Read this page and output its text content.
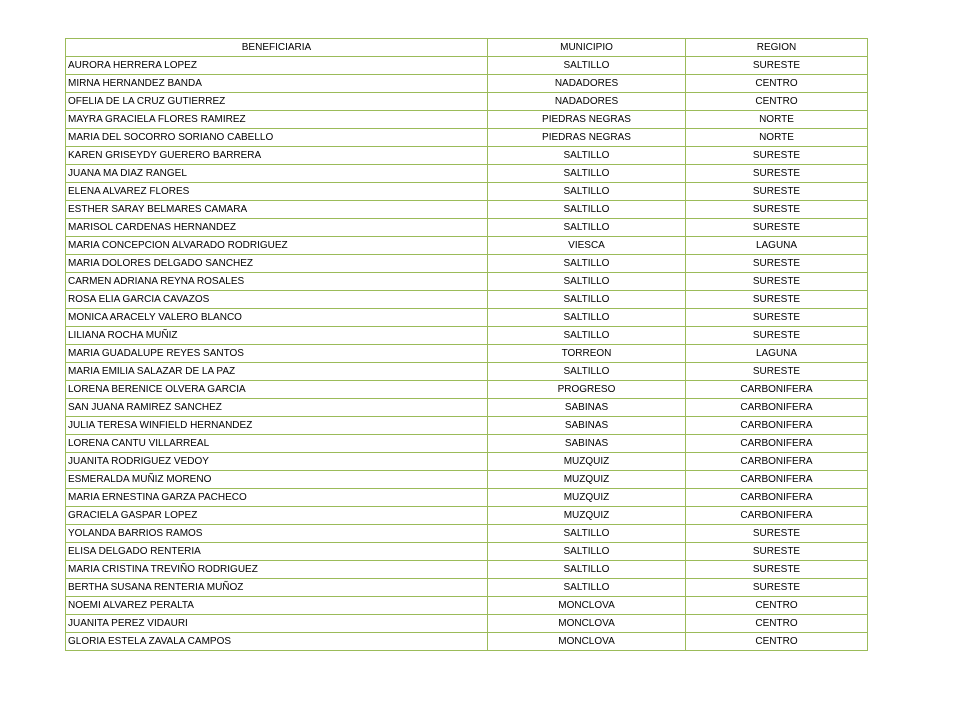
BENEFICIARIA	MUNICIPIO	REGION
AURORA HERRERA LOPEZ	SALTILLO	SURESTE
MIRNA HERNANDEZ BANDA	NADADORES	CENTRO
OFELIA DE LA CRUZ GUTIERREZ	NADADORES	CENTRO
MAYRA GRACIELA FLORES RAMIREZ	PIEDRAS NEGRAS	NORTE
MARIA DEL SOCORRO SORIANO CABELLO	PIEDRAS NEGRAS	NORTE
KAREN GRISEYDY GUERERO BARRERA	SALTILLO	SURESTE
JUANA MA DIAZ RANGEL	SALTILLO	SURESTE
ELENA ALVAREZ FLORES	SALTILLO	SURESTE
ESTHER SARAY BELMARES CAMARA	SALTILLO	SURESTE
MARISOL CARDENAS HERNANDEZ	SALTILLO	SURESTE
MARIA CONCEPCION ALVARADO RODRIGUEZ	VIESCA	LAGUNA
MARIA DOLORES DELGADO SANCHEZ	SALTILLO	SURESTE
CARMEN ADRIANA REYNA ROSALES	SALTILLO	SURESTE
ROSA ELIA GARCIA CAVAZOS	SALTILLO	SURESTE
MONICA ARACELY VALERO BLANCO	SALTILLO	SURESTE
LILIANA ROCHA MUÑIZ	SALTILLO	SURESTE
MARIA GUADALUPE REYES SANTOS	TORREON	LAGUNA
MARIA EMILIA SALAZAR DE LA PAZ	SALTILLO	SURESTE
LORENA BERENICE OLVERA GARCIA	PROGRESO	CARBONIFERA
SAN JUANA RAMIREZ SANCHEZ	SABINAS	CARBONIFERA
JULIA TERESA WINFIELD HERNANDEZ	SABINAS	CARBONIFERA
LORENA CANTU VILLARREAL	SABINAS	CARBONIFERA
JUANITA RODRIGUEZ VEDOY	MUZQUIZ	CARBONIFERA
ESMERALDA MUÑIZ MORENO	MUZQUIZ	CARBONIFERA
MARIA ERNESTINA GARZA PACHECO	MUZQUIZ	CARBONIFERA
GRACIELA GASPAR LOPEZ	MUZQUIZ	CARBONIFERA
YOLANDA BARRIOS RAMOS	SALTILLO	SURESTE
ELISA DELGADO RENTERIA	SALTILLO	SURESTE
MARIA CRISTINA TREVIÑO RODRIGUEZ	SALTILLO	SURESTE
BERTHA SUSANA RENTERIA MUÑOZ	SALTILLO	SURESTE
NOEMI ALVAREZ PERALTA	MONCLOVA	CENTRO
JUANITA PEREZ VIDAURI	MONCLOVA	CENTRO
GLORIA ESTELA ZAVALA CAMPOS	MONCLOVA	CENTRO
